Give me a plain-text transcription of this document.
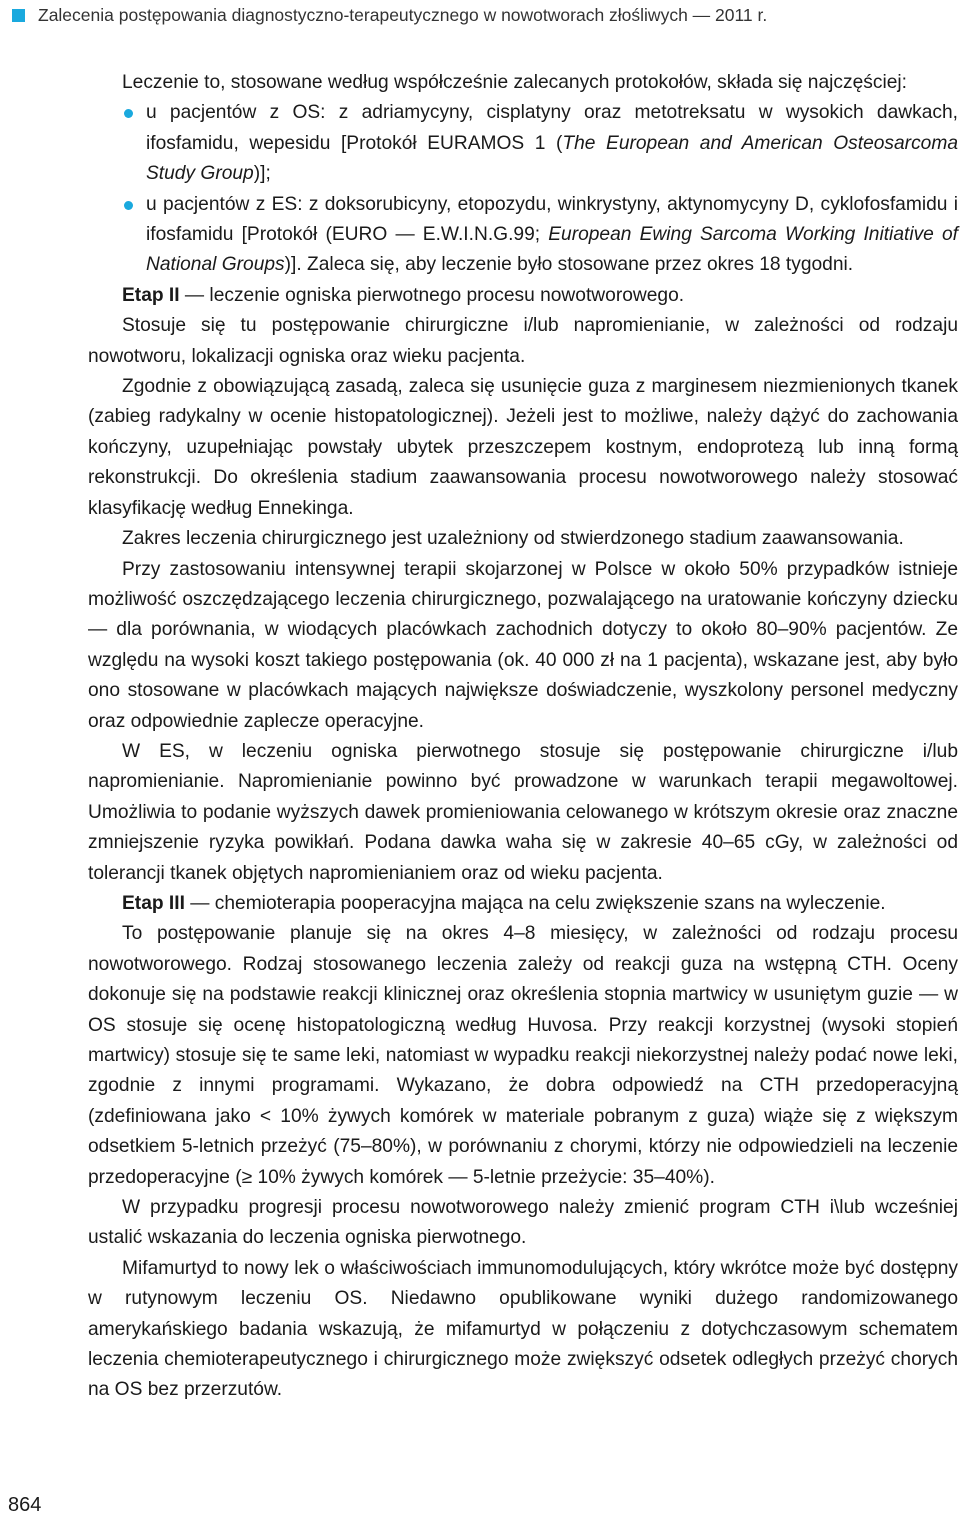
Zalecenia postępowania diagnostyczno-terapeutycznego w nowotworach złośliwych — 2011 r.

Leczenie to, stosowane według współcześnie zalecanych protokołów, składa się najczęściej:

u pacjentów z OS: z adriamycyny, cisplatyny oraz metotreksatu w wysokich dawkach, ifosfamidu, wepesidu [Protokół EURAMOS 1 (The European and American Osteosarcoma Study Group)];
u pacjentów z ES: z doksorubicyny, etopozydu, winkrystyny, aktynomycyny D, cyklofosfamidu i ifosfamidu [Protokół (EURO — E.W.I.N.G.99; European Ewing Sarcoma Working Initiative of National Groups)]. Zaleca się, aby leczenie było stosowane przez okres 18 tygodni.

Etap II — leczenie ogniska pierwotnego procesu nowotworowego.

Stosuje się tu postępowanie chirurgiczne i/lub napromienianie, w zależności od rodzaju nowotworu, lokalizacji ogniska oraz wieku pacjenta.

Zgodnie z obowiązującą zasadą, zaleca się usunięcie guza z marginesem niezmienionych tkanek (zabieg radykalny w ocenie histopatologicznej). Jeżeli jest to możliwe, należy dążyć do zachowania kończyny, uzupełniając powstały ubytek przeszczepem kostnym, endoprotezą lub inną formą rekonstrukcji. Do określenia stadium zaawansowania procesu nowotworowego należy stosować klasyfikację według Ennekinga.

Zakres leczenia chirurgicznego jest uzależniony od stwierdzonego stadium zaawansowania.

Przy zastosowaniu intensywnej terapii skojarzonej w Polsce w około 50% przypadków istnieje możliwość oszczędzającego leczenia chirurgicznego, pozwalającego na uratowanie kończyny dziecku — dla porównania, w wiodących placówkach zachodnich dotyczy to około 80–90% pacjentów. Ze względu na wysoki koszt takiego postępowania (ok. 40 000 zł na 1 pacjenta), wskazane jest, aby było ono stosowane w placówkach mających największe doświadczenie, wyszkolony personel medyczny oraz odpowiednie zaplecze operacyjne.

W ES, w leczeniu ogniska pierwotnego stosuje się postępowanie chirurgiczne i/lub napromienianie. Napromienianie powinno być prowadzone w warunkach terapii megawoltowej. Umożliwia to podanie wyższych dawek promieniowania celowanego w krótszym okresie oraz znaczne zmniejszenie ryzyka powikłań. Podana dawka waha się w zakresie 40–65 cGy, w zależności od tolerancji tkanek objętych napromienianiem oraz od wieku pacjenta.

Etap III — chemioterapia pooperacyjna mająca na celu zwiększenie szans na wyleczenie.

To postępowanie planuje się na okres 4–8 miesięcy, w zależności od rodzaju procesu nowotworowego. Rodzaj stosowanego leczenia zależy od reakcji guza na wstępną CTH. Oceny dokonuje się na podstawie reakcji klinicznej oraz określenia stopnia martwicy w usuniętym guzie — w OS stosuje się ocenę histopatologiczną według Huvosa. Przy reakcji korzystnej (wysoki stopień martwicy) stosuje się te same leki, natomiast w wypadku reakcji niekorzystnej należy podać nowe leki, zgodnie z innymi programami. Wykazano, że dobra odpowiedź na CTH przedoperacyjną (zdefiniowana jako < 10% żywych komórek w materiale pobranym z guza) wiąże się z większym odsetkiem 5-letnich przeżyć (75–80%), w porównaniu z chorymi, którzy nie odpowiedzieli na leczenie przedoperacyjne (≥ 10% żywych komórek — 5-letnie przeżycie: 35–40%).

W przypadku progresji procesu nowotworowego należy zmienić program CTH i\lub wcześniej ustalić wskazania do leczenia ogniska pierwotnego.

Mifamurtyd to nowy lek o właściwościach immunomodulujących, który wkrótce może być dostępny w rutynowym leczeniu OS. Niedawno opublikowane wyniki dużego randomizowanego amerykańskiego badania wskazują, że mifamurtyd w połączeniu z dotychczasowym schematem leczenia chemioterapeutycznego i chirurgicznego może zwiększyć odsetek odległych przeżyć chorych na OS bez przerzutów.

864
